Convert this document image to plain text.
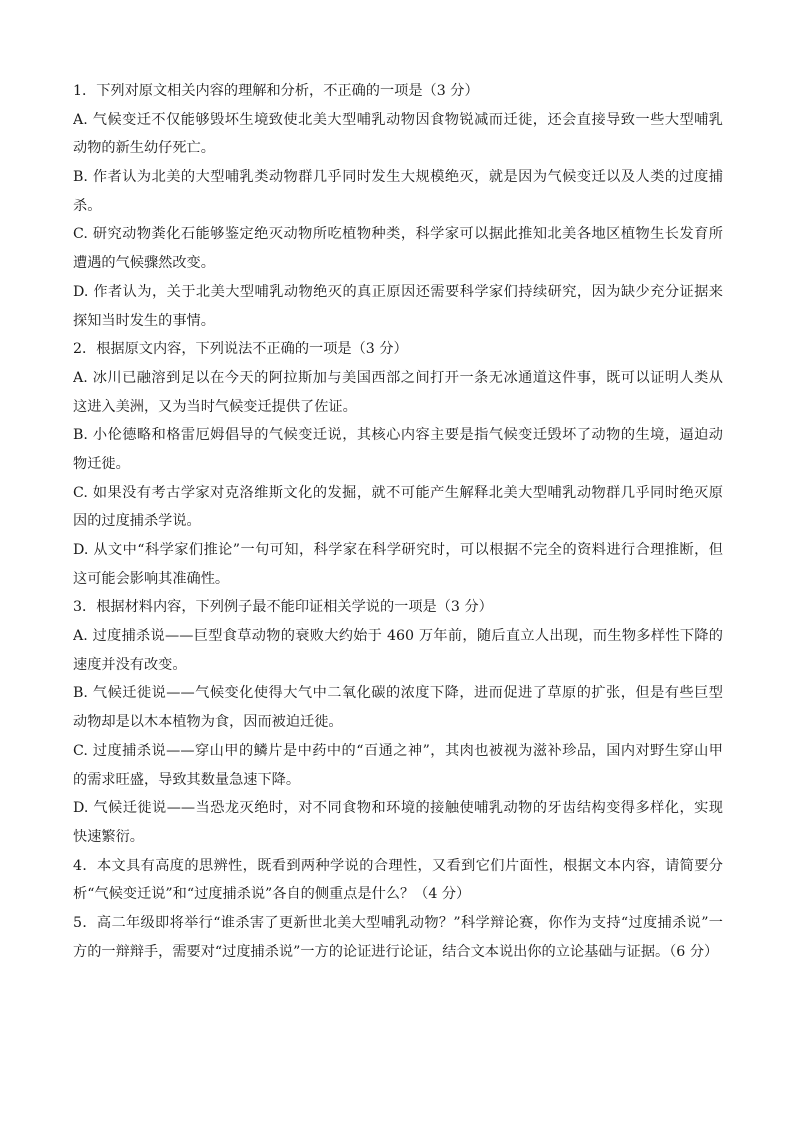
1．下列对原文相关内容的理解和分析，不正确的一项是（3 分）
A. 气候变迁不仅能够毁坏生境致使北美大型哺乳动物因食物锐减而迁徙，还会直接导致一些大型哺乳
动物的新生幼仔死亡。
B. 作者认为北美的大型哺乳类动物群几乎同时发生大规模绝灭，就是因为气候变迁以及人类的过度捕
杀。
C. 研究动物粪化石能够鉴定绝灭动物所吃植物种类，科学家可以据此推知北美各地区植物生长发育所
遭遇的气候骤然改变。
D. 作者认为，关于北美大型哺乳动物绝灭的真正原因还需要科学家们持续研究，因为缺少充分证据来
探知当时发生的事情。
2．根据原文内容，下列说法不正确的一项是（3 分）
A. 冰川已融溶到足以在今天的阿拉斯加与美国西部之间打开一条无冰通道这件事，既可以证明人类从
这进入美洲，又为当时气候变迁提供了佐证。
B. 小伦德略和格雷厄姆倡导的气候变迁说，其核心内容主要是指气候变迁毁坏了动物的生境，逼迫动
物迁徙。
C. 如果没有考古学家对克洛维斯文化的发掘，就不可能产生解释北美大型哺乳动物群几乎同时绝灭原
因的过度捕杀学说。
D. 从文中“科学家们推论”一句可知，科学家在科学研究时，可以根据不完全的资料进行合理推断，但
这可能会影响其准确性。
3．根据材料内容，下列例子最不能印证相关学说的一项是（3 分）
A. 过度捕杀说——巨型食草动物的衰败大约始于 460 万年前，随后直立人出现，而生物多样性下降的
速度并没有改变。
B. 气候迁徙说——气候变化使得大气中二氧化碳的浓度下降，进而促进了草原的扩张，但是有些巨型
动物却是以木本植物为食，因而被迫迁徙。
C. 过度捕杀说——穿山甲的鳞片是中药中的“百通之神”，其肉也被视为滋补珍品，国内对野生穿山甲
的需求旺盛，导致其数量急速下降。
D. 气候迁徙说——当恐龙灭绝时，对不同食物和环境的接触使哺乳动物的牙齿结构变得多样化，实现
快速繁衍。
4．本文具有高度的思辨性，既看到两种学说的合理性，又看到它们片面性，根据文本内容，请简要分
析“气候变迁说”和“过度捕杀说”各自的侧重点是什么？（4 分）
5．高二年级即将举行“谁杀害了更新世北美大型哺乳动物？”科学辩论赛，你作为支持“过度捕杀说”一
方的一辩辩手，需要对“过度捕杀说”一方的论证进行论证，结合文本说出你的立论基础与证据。（6 分）
